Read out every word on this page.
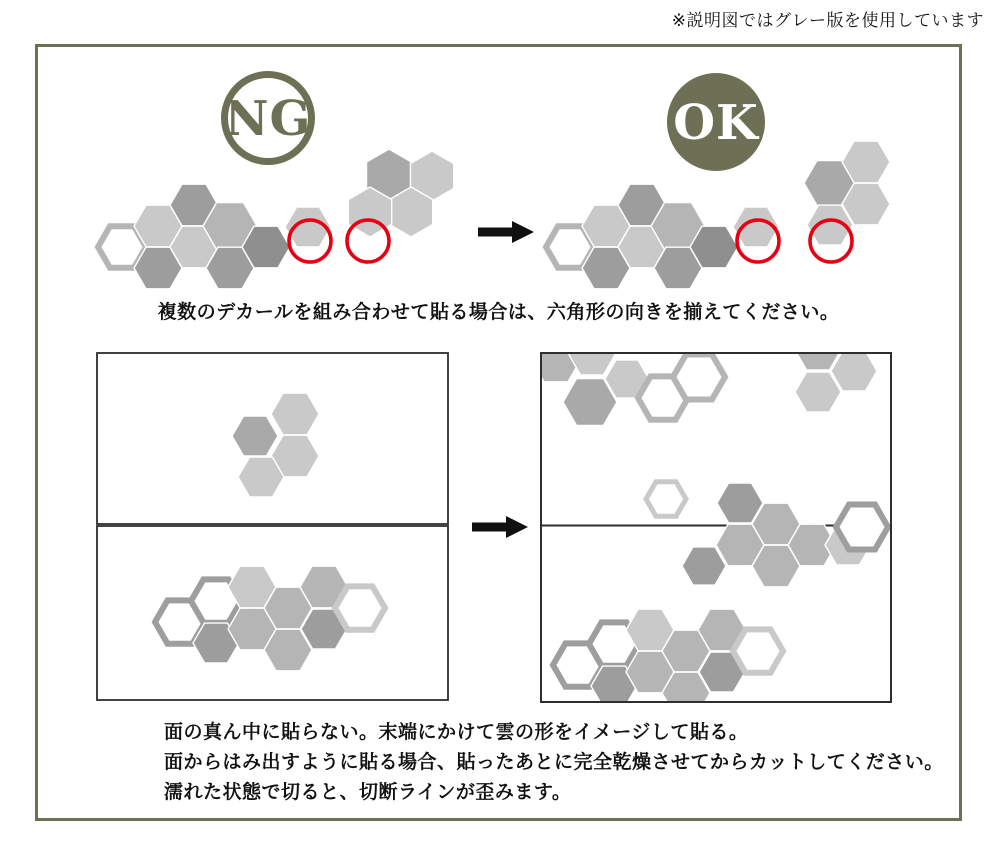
※説明図ではグレー版を使用しています
NG	OK
複数のデカールを組み合わせて貼る場合は、六角形の向きを揃えてください。
面の真ん中に貼らない。末端にかけて雲の形をイメージして貼る。
面からはみ出すように貼る場合、貼ったあとに完全乾燥させてからカットしてください。
濡れた状態で切ると、切断ラインが歪みます。
